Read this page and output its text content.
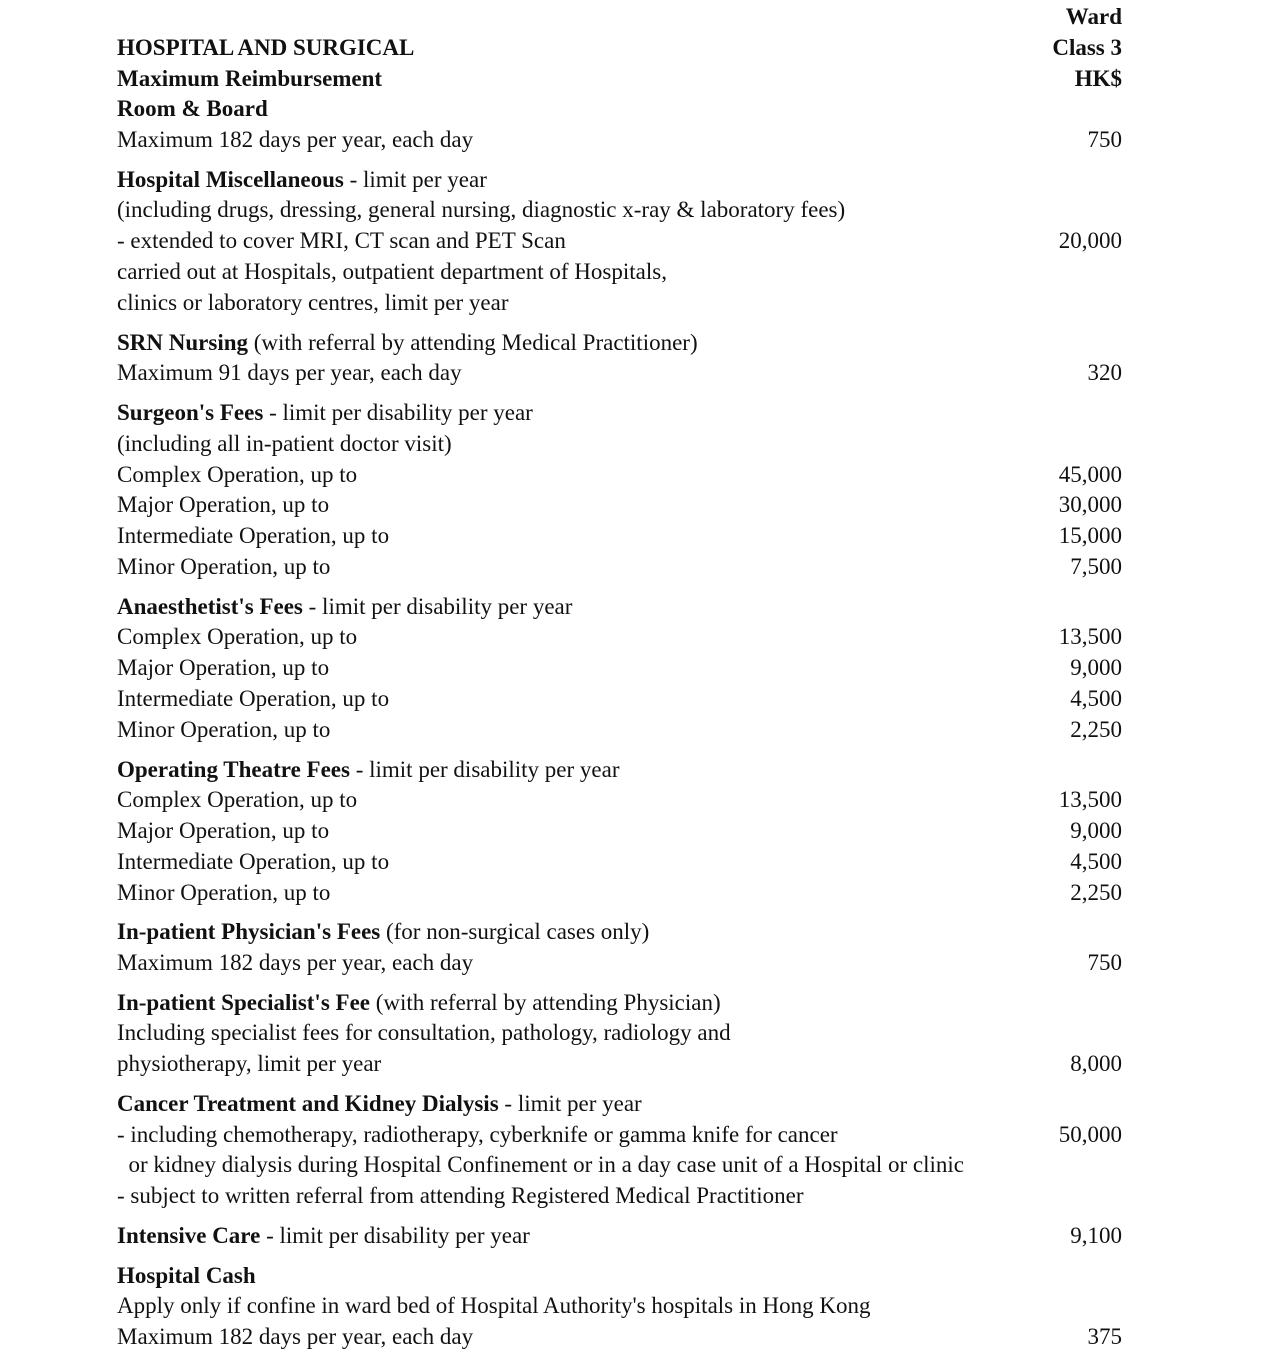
Ward
Class 3
HK$
HOSPITAL AND SURGICAL
Maximum Reimbursement
Room & Board
Maximum 182 days per year, each day	750
Hospital Miscellaneous - limit per year
(including drugs, dressing, general nursing, diagnostic x-ray & laboratory fees)
- extended to cover MRI, CT scan and PET Scan	20,000
carried out at Hospitals, outpatient department of Hospitals,
clinics or laboratory centres, limit per year
SRN Nursing (with referral by attending Medical Practitioner)
Maximum 91 days per year, each day	320
Surgeon's Fees - limit per disability per year
(including all in-patient doctor visit)
Complex Operation, up to	45,000
Major Operation, up to	30,000
Intermediate Operation, up to	15,000
Minor Operation, up to	7,500
Anaesthetist's Fees - limit per disability per year
Complex Operation, up to	13,500
Major Operation, up to	9,000
Intermediate Operation, up to	4,500
Minor Operation, up to	2,250
Operating Theatre Fees - limit per disability per year
Complex Operation, up to	13,500
Major Operation, up to	9,000
Intermediate Operation, up to	4,500
Minor Operation, up to	2,250
In-patient Physician's Fees (for non-surgical cases only)
Maximum 182 days per year, each day	750
In-patient Specialist's Fee (with referral by attending Physician)
Including specialist fees for consultation, pathology, radiology and
physiotherapy, limit per year	8,000
Cancer Treatment and Kidney Dialysis - limit per year
- including chemotherapy, radiotherapy, cyberknife or gamma knife for cancer	50,000
or kidney dialysis during Hospital Confinement or in a day case unit of a Hospital or clinic
- subject to written referral from attending Registered Medical Practitioner
Intensive Care - limit per disability per year	9,100
Hospital Cash
Apply only if confine in ward bed of Hospital Authority's hospitals in Hong Kong
Maximum 182 days per year, each day	375
